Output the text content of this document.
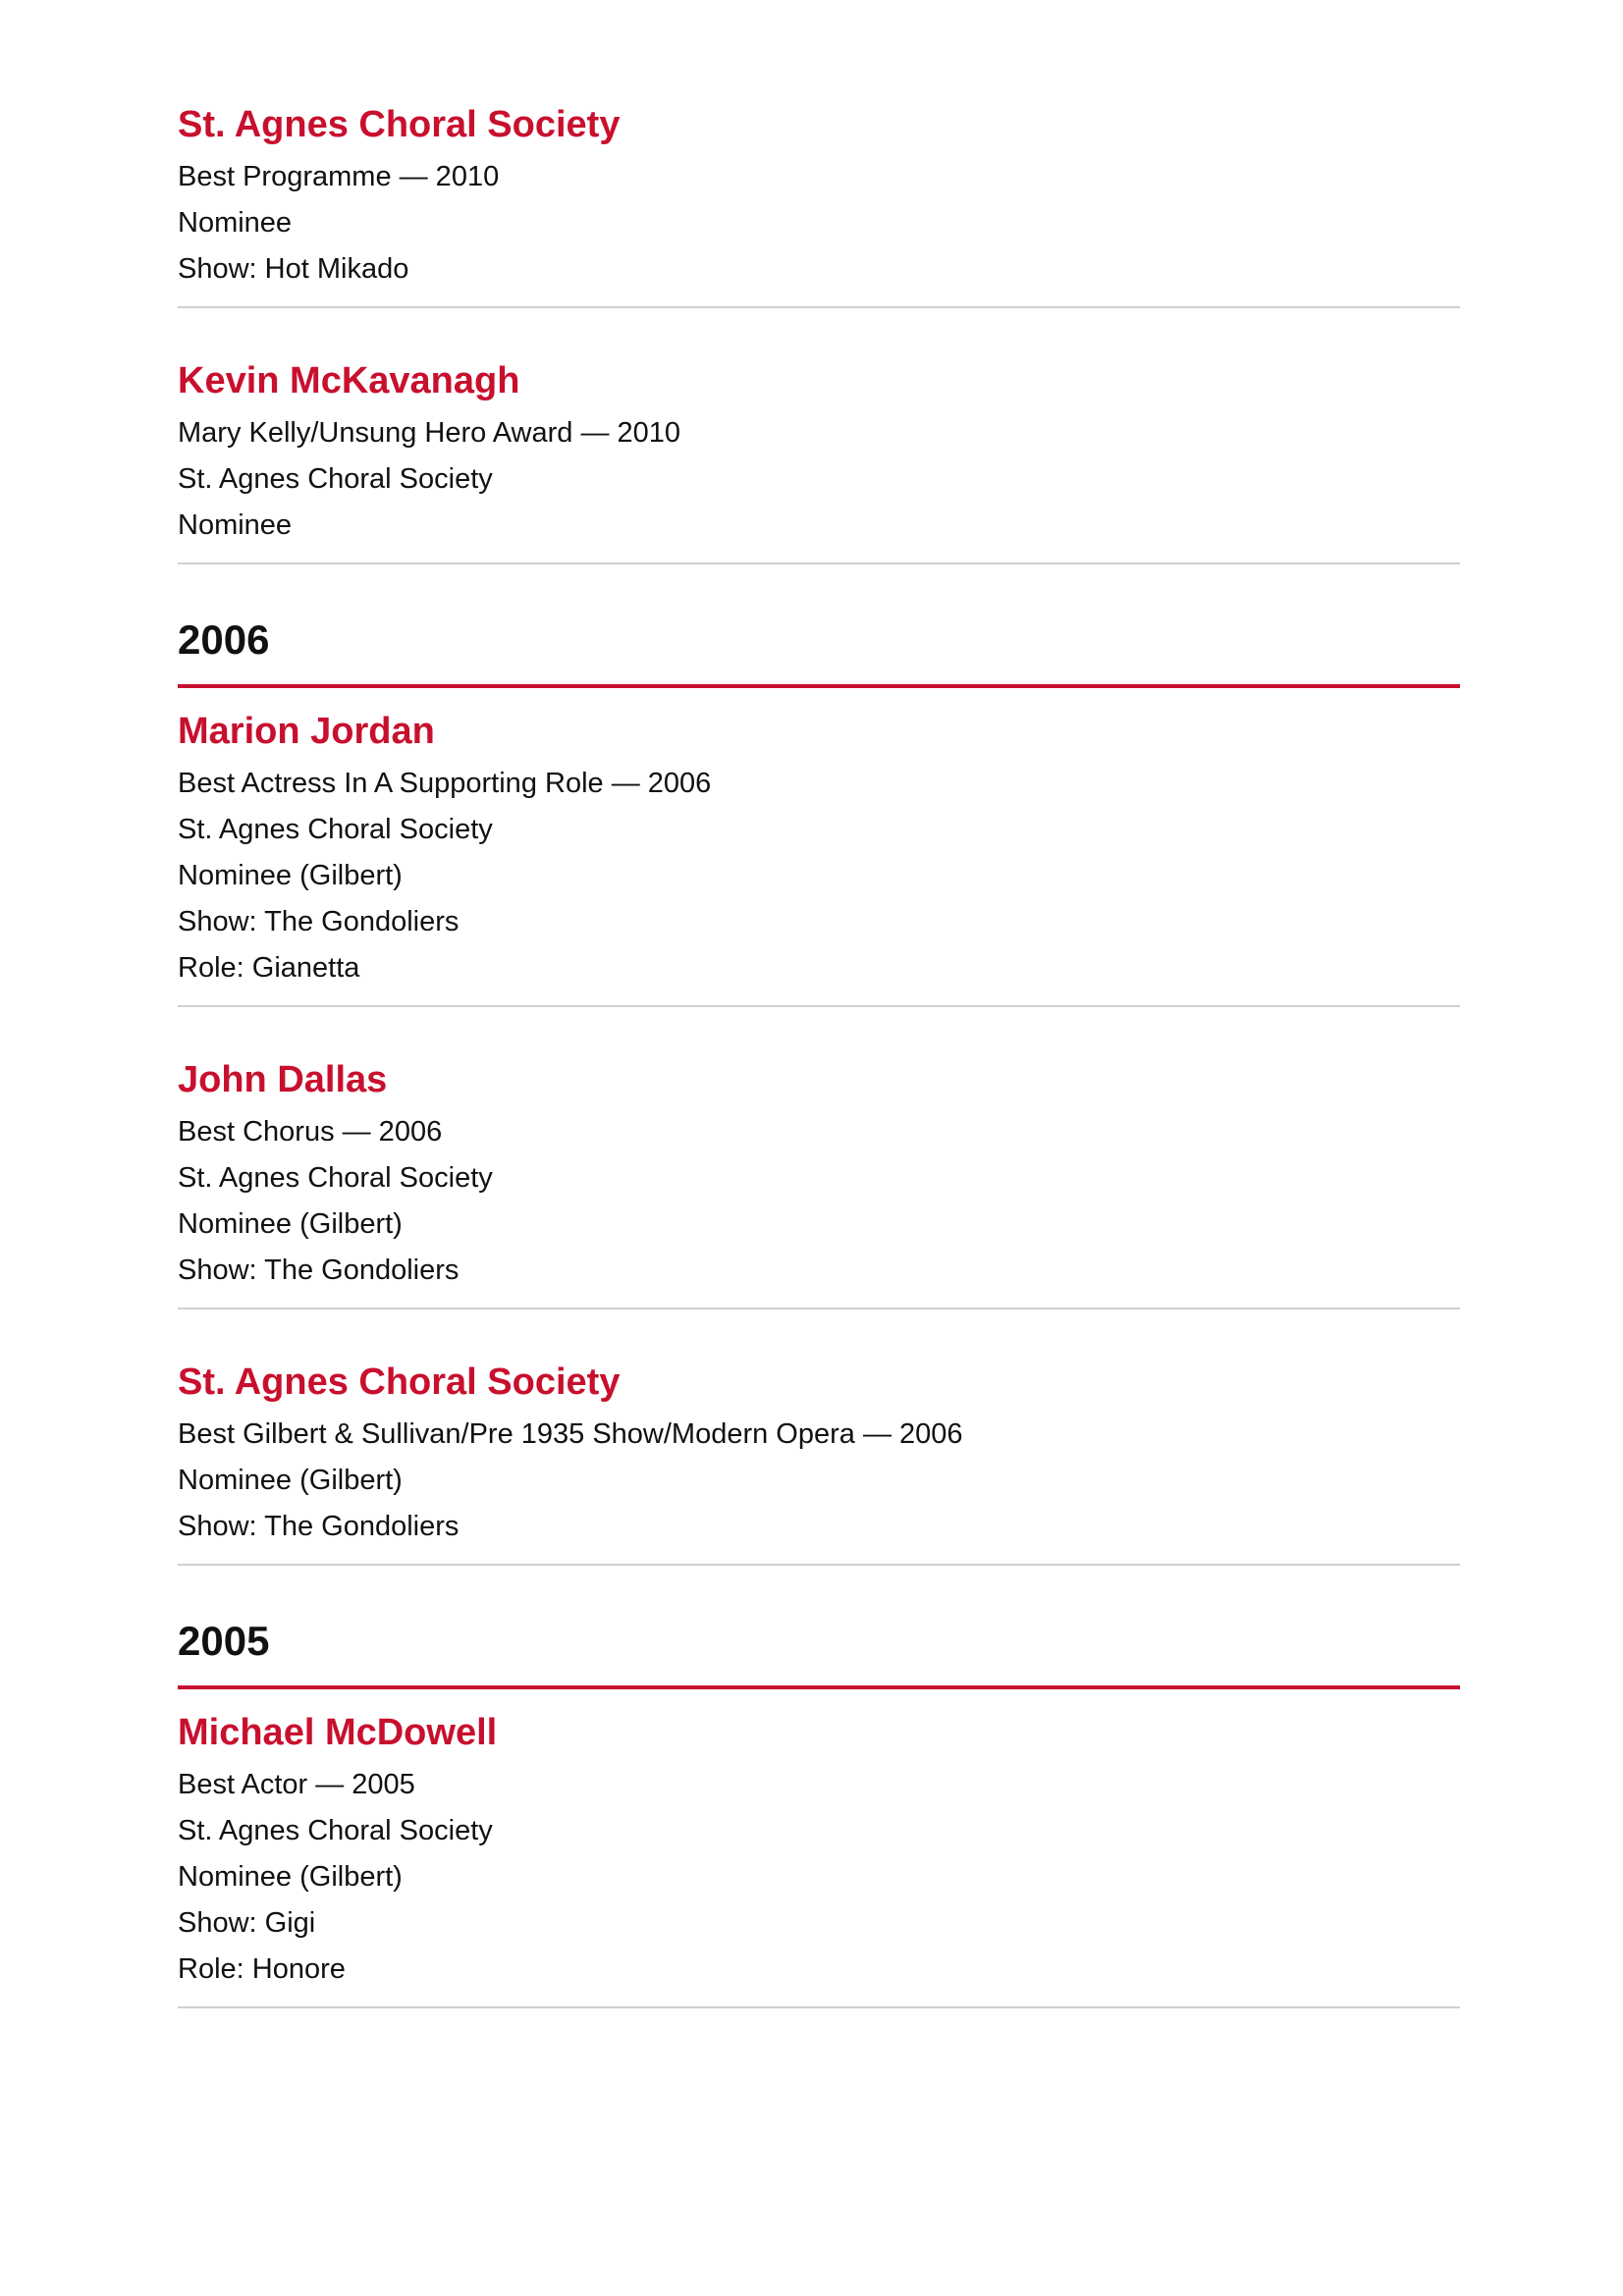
St. Agnes Choral Society
Best Programme — 2010
Nominee
Show: Hot Mikado
Kevin McKavanagh
Mary Kelly/Unsung Hero Award — 2010
St. Agnes Choral Society
Nominee
2006
Marion Jordan
Best Actress In A Supporting Role — 2006
St. Agnes Choral Society
Nominee (Gilbert)
Show: The Gondoliers
Role: Gianetta
John Dallas
Best Chorus — 2006
St. Agnes Choral Society
Nominee (Gilbert)
Show: The Gondoliers
St. Agnes Choral Society
Best Gilbert & Sullivan/Pre 1935 Show/Modern Opera — 2006
Nominee (Gilbert)
Show: The Gondoliers
2005
Michael McDowell
Best Actor — 2005
St. Agnes Choral Society
Nominee (Gilbert)
Show: Gigi
Role: Honore
